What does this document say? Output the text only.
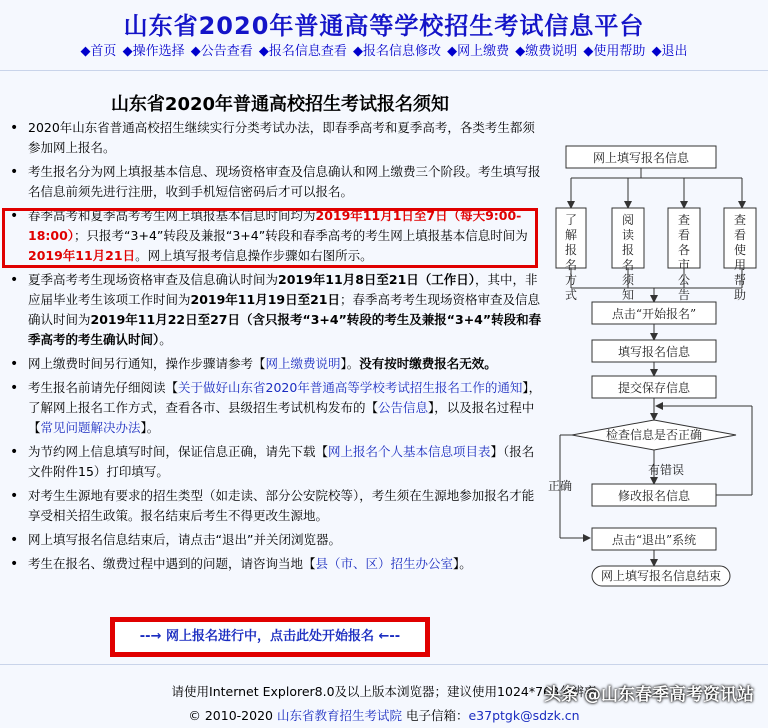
山东省2020年普通高等学校招生考试信息平台
◆首页 ◆操作选择 ◆公告查看 ◆报名信息查看 ◆报名信息修改 ◆网上缴费 ◆缴费说明 ◆使用帮助 ◆退出
山东省2020年普通高校招生考试报名须知
• 2020年山东省普通高校招生继续实行分类考试办法，即春季高考和夏季高考，各类考生都须参加网上报名。
• 考生报名分为网上填报基本信息、现场资格审查及信息确认和网上缴费三个阶段。考生填写报名信息前须先进行注册，收到手机短信密码后才可以报名。
• 春季高考和夏季高考考生网上填报基本信息时间均为2019年11月1日至7日（每天9:00-18:00）；只报考“3+4”转段及兼报“3+4”转段和春季高考的考生网上填报基本信息时间为2019年11月21日。网上填写报考信息操作步骤如右图所示。
• 夏季高考考生现场资格审查及信息确认时间为2019年11月8日至21日（工作日），其中，非应届毕业考生该项工作时间为2019年11月19日至21日；春季高考考生现场资格审查及信息确认时间为2019年11月22日至27日（含只报考“3+4”转段的考生及兼报“3+4”转段和春季高考的考生确认时间）。
• 网上缴费时间另行通知，操作步骤请参考【网上缴费说明】。没有按时缴费报名无效。
• 考生报名前请先仔细阅读【关于做好山东省2020年普通高等学校考试招生报名工作的通知】，了解网上报名工作方式，查看各市、县级招生考试机构发布的【公告信息】，以及报名过程中【常见问题解决办法】。
• 为节约网上信息填写时间，保证信息正确，请先下载【网上报名个人基本信息项目表】（报名文件附件15）打印填写。
• 对考生生源地有要求的招生类型（如走读、部分公安院校等），考生须在生源地参加报名才能享受相关招生政策。报名结束后考生不得更改生源地。
• 网上填写报名信息结束后，请点击“退出”并关闭浏览器。
• 考生在报名、缴费过程中遇到的问题，请咨询当地【县（市、区）招生办公室】。
--→ 网上报名进行中，点击此处开始报名 ←--
网上填写报名信息
点击“开始报名”
填写报名信息
提交保存信息
检查信息是否正确
有错误
正确
修改报名信息
点击“退出”系统
网上填写报名信息结束
了解报名方式
阅读报名须知
查看各市公告
查看使用帮助
请使用Internet Explorer8.0及以上版本浏览器；建议使用1024*768分辨率
© 2010-2020 山东省教育招生考试院 电子信箱：e37ptgk@sdzk.cn
头条 @山东春季高考资讯站
